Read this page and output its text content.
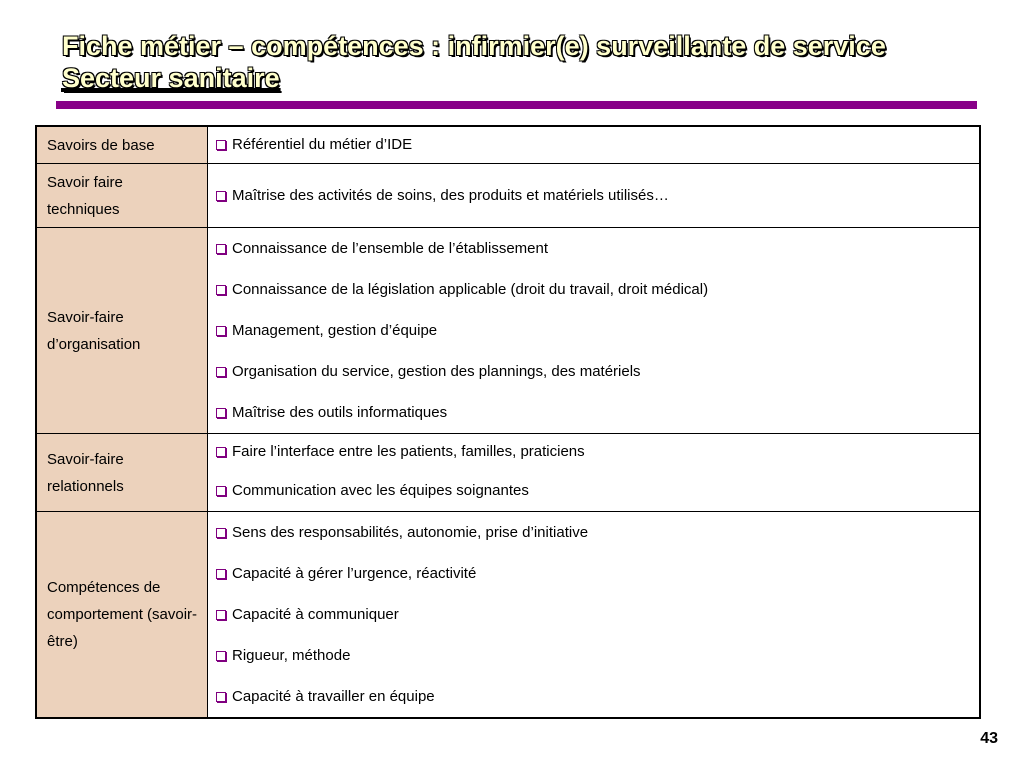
Fiche métier – compétences : infirmier(e) surveillante de service
Secteur sanitaire
Savoirs de base	Référentiel du métier d’IDE

Savoir faire techniques	Maîtrise des activités de soins, des produits et matériels utilisés…

Savoir-faire d’organisation	Connaissance de l’ensemble de l’établissement
Connaissance de la législation applicable (droit du travail, droit médical)
Management, gestion d’équipe
Organisation du service, gestion des plannings, des matériels
Maîtrise des outils informatiques

Savoir-faire relationnels	Faire l’interface entre les patients, familles, praticiens
Communication avec les équipes soignantes

Compétences de comportement (savoir-être)	Sens des responsabilités, autonomie, prise d’initiative
Capacité à gérer l’urgence, réactivité
Capacité à communiquer
Rigueur, méthode
Capacité à travailler en équipe
43
